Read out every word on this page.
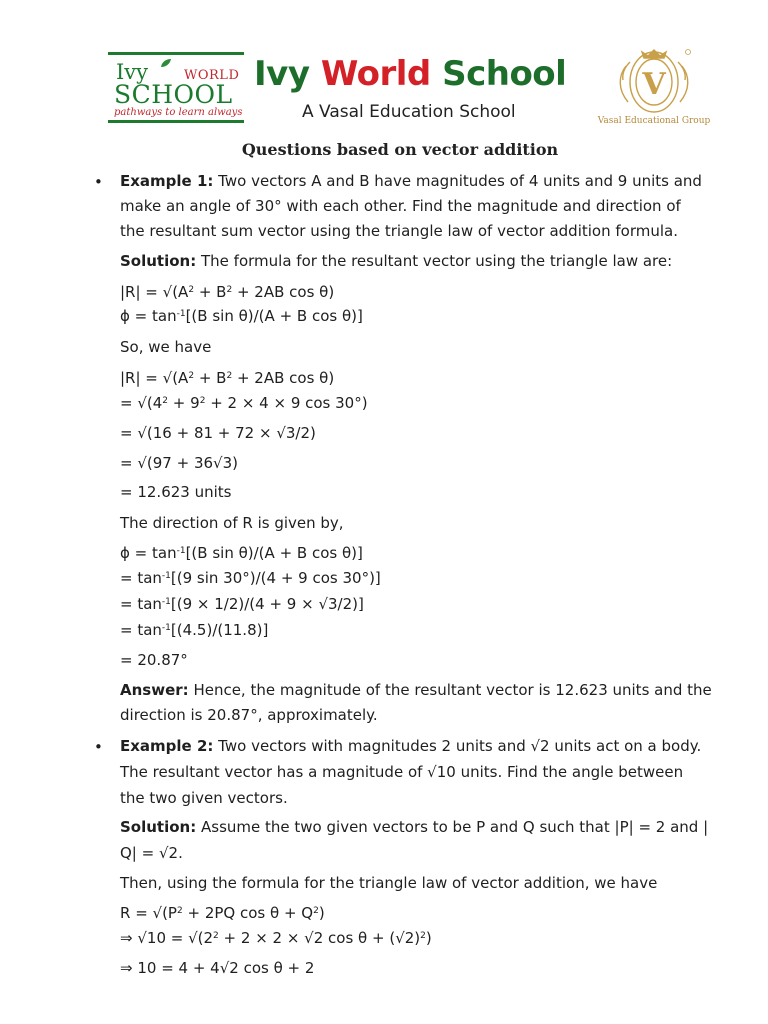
Ivy	WORLD
SCHOOL
pathways to learn always
Ivy World School
A Vasal Education School
V
Vasal Educational Group
Questions based on vector addition
• Example 1: Two vectors A and B have magnitudes of 4 units and 9 units and
make an angle of 30° with each other. Find the magnitude and direction of
the resultant sum vector using the triangle law of vector addition formula.
Solution: The formula for the resultant vector using the triangle law are:
$|R| = √(A^2 + B^2 + 2AB$ cos θ)
$\phi = \tan^{-1}[(B$ sin θ)/(A + B cos θ)]
So, we have
$|R| = √(A^2 + B^2 + 2AB$ cos θ)
= $√(4^2 + 9^2 + 2 \times 4 \times 9$ cos 30°)
= √(16 + 81 + 72 × √3/2)
= √(97 + 36√3)
= 12.623 units
The direction of R is given by,
$\phi = \tan^{-1}[(B$ sin θ)/(A + B cos θ)]
= $\tan^{-1}[(9$ sin 30°)/(4 + 9 cos 30°)]
= $\tan^{-1}[(9 \times 1/2)/(4 + 9 \times √3/2)]$
= $\tan^{-1}[(4.5)/(11.8)]$
= 20.87°
Answer: Hence, the magnitude of the resultant vector is 12.623 units and the
direction is 20.87°, approximately.
• Example 2: Two vectors with magnitudes 2 units and √2 units act on a body.
The resultant vector has a magnitude of √10 units. Find the angle between
the two given vectors.
Solution: Assume the two given vectors to be P and Q such that |P| = 2 and |
Q| = √2.
Then, using the formula for the triangle law of vector addition, we have
$R = √(P^2 + 2PQ$ $\cos \theta + Q^2$)
⇒ $√10 = √(2^2 + 2 \times 2 \times √2$ $\cos \theta + (√2)^2$)
⇒ 10 = 4 + 4√2 cos θ + 2
